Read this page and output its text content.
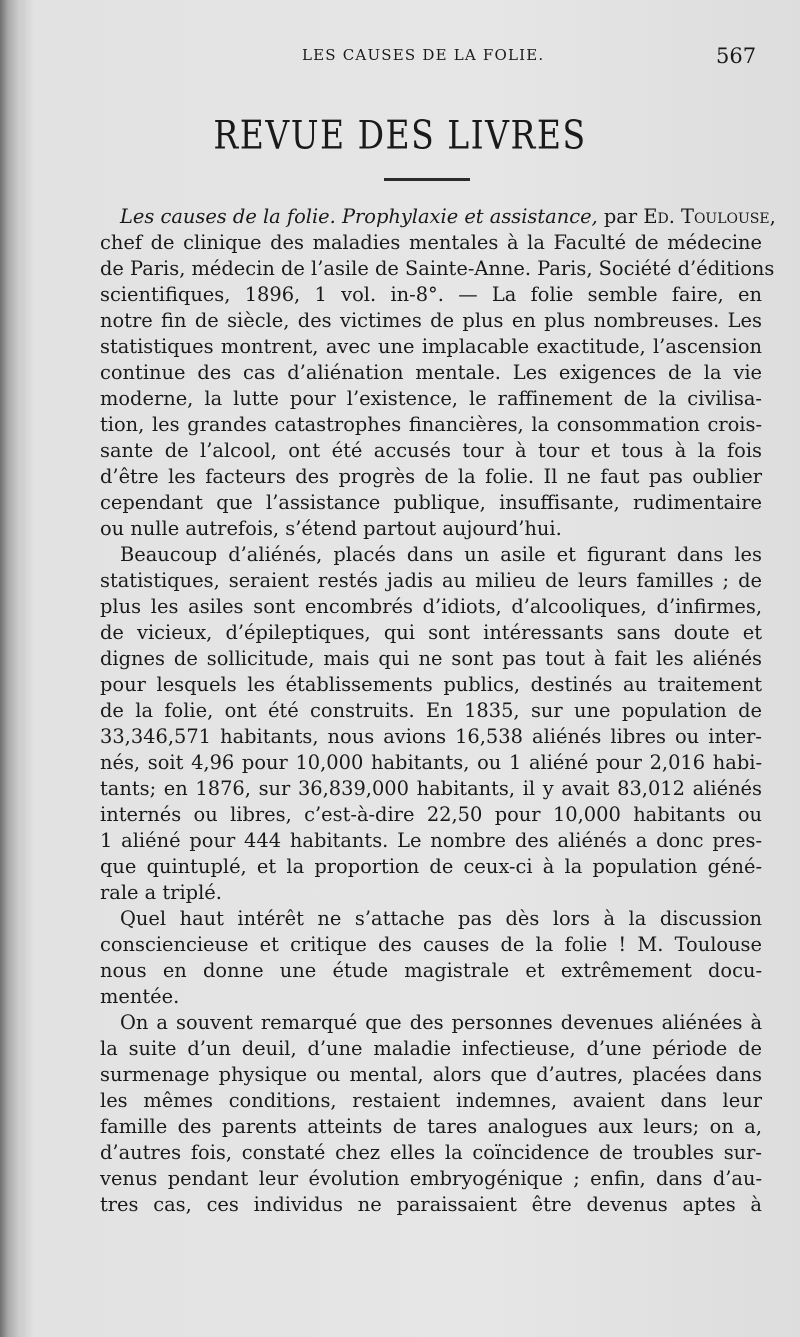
LES CAUSES DE LA FOLIE.	567
REVUE DES LIVRES
Les causes de la folie. Prophylaxie et assistance, par Ed. Toulouse,
chef de clinique des maladies mentales à la Faculté de médecine
de Paris, médecin de l’asile de Sainte-Anne. Paris, Société d’éditions
scientifiques, 1896, 1 vol. in-8°. — La folie semble faire, en
notre fin de siècle, des victimes de plus en plus nombreuses. Les
statistiques montrent, avec une implacable exactitude, l’ascension
continue des cas d’aliénation mentale. Les exigences de la vie
moderne, la lutte pour l’existence, le raffinement de la civilisa-
tion, les grandes catastrophes financières, la consommation crois-
sante de l’alcool, ont été accusés tour à tour et tous à la fois
d’être les facteurs des progrès de la folie. Il ne faut pas oublier
cependant que l’assistance publique, insuffisante, rudimentaire
ou nulle autrefois, s’étend partout aujourd’hui.
Beaucoup d’aliénés, placés dans un asile et figurant dans les
statistiques, seraient restés jadis au milieu de leurs familles ; de
plus les asiles sont encombrés d’idiots, d’alcooliques, d’infirmes,
de vicieux, d’épileptiques, qui sont intéressants sans doute et
dignes de sollicitude, mais qui ne sont pas tout à fait les aliénés
pour lesquels les établissements publics, destinés au traitement
de la folie, ont été construits. En 1835, sur une population de
33,346,571 habitants, nous avions 16,538 aliénés libres ou inter-
nés, soit 4,96 pour 10,000 habitants, ou 1 aliéné pour 2,016 habi-
tants; en 1876, sur 36,839,000 habitants, il y avait 83,012 aliénés
internés ou libres, c’est-à-dire 22,50 pour 10,000 habitants ou
1 aliéné pour 444 habitants. Le nombre des aliénés a donc pres-
que quintuplé, et la proportion de ceux-ci à la population géné-
rale a triplé.
Quel haut intérêt ne s’attache pas dès lors à la discussion
consciencieuse et critique des causes de la folie ! M. Toulouse
nous en donne une étude magistrale et extrêmement docu-
mentée.
On a souvent remarqué que des personnes devenues aliénées à
la suite d’un deuil, d’une maladie infectieuse, d’une période de
surmenage physique ou mental, alors que d’autres, placées dans
les mêmes conditions, restaient indemnes, avaient dans leur
famille des parents atteints de tares analogues aux leurs; on a,
d’autres fois, constaté chez elles la coïncidence de troubles sur-
venus pendant leur évolution embryogénique ; enfin, dans d’au-
tres cas, ces individus ne paraissaient être devenus aptes à
